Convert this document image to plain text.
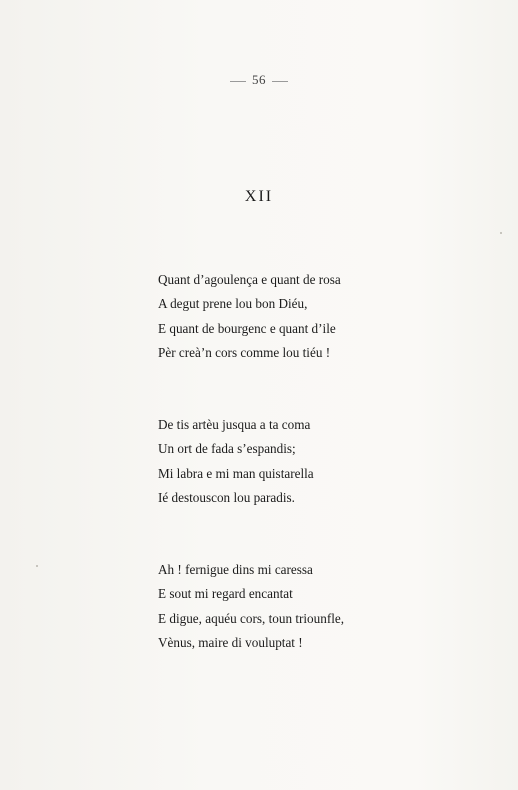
56
XII
Quant d’agoulença e quant de rosa
A degut prene lou bon Diéu,
E quant de bourgenc e quant d’ile
Pèr creà’n cors comme lou tiéu !
De tis artèu jusqua a ta coma
Un ort de fada s’espandis;
Mi labra e mi man quistarella
Ié destouscon lou paradis.
Ah ! fernigue dins mi caressa
E sout mi regard encantat
E digue, aquéu cors, toun triounfle,
Vènus, maire di vouluptat !
